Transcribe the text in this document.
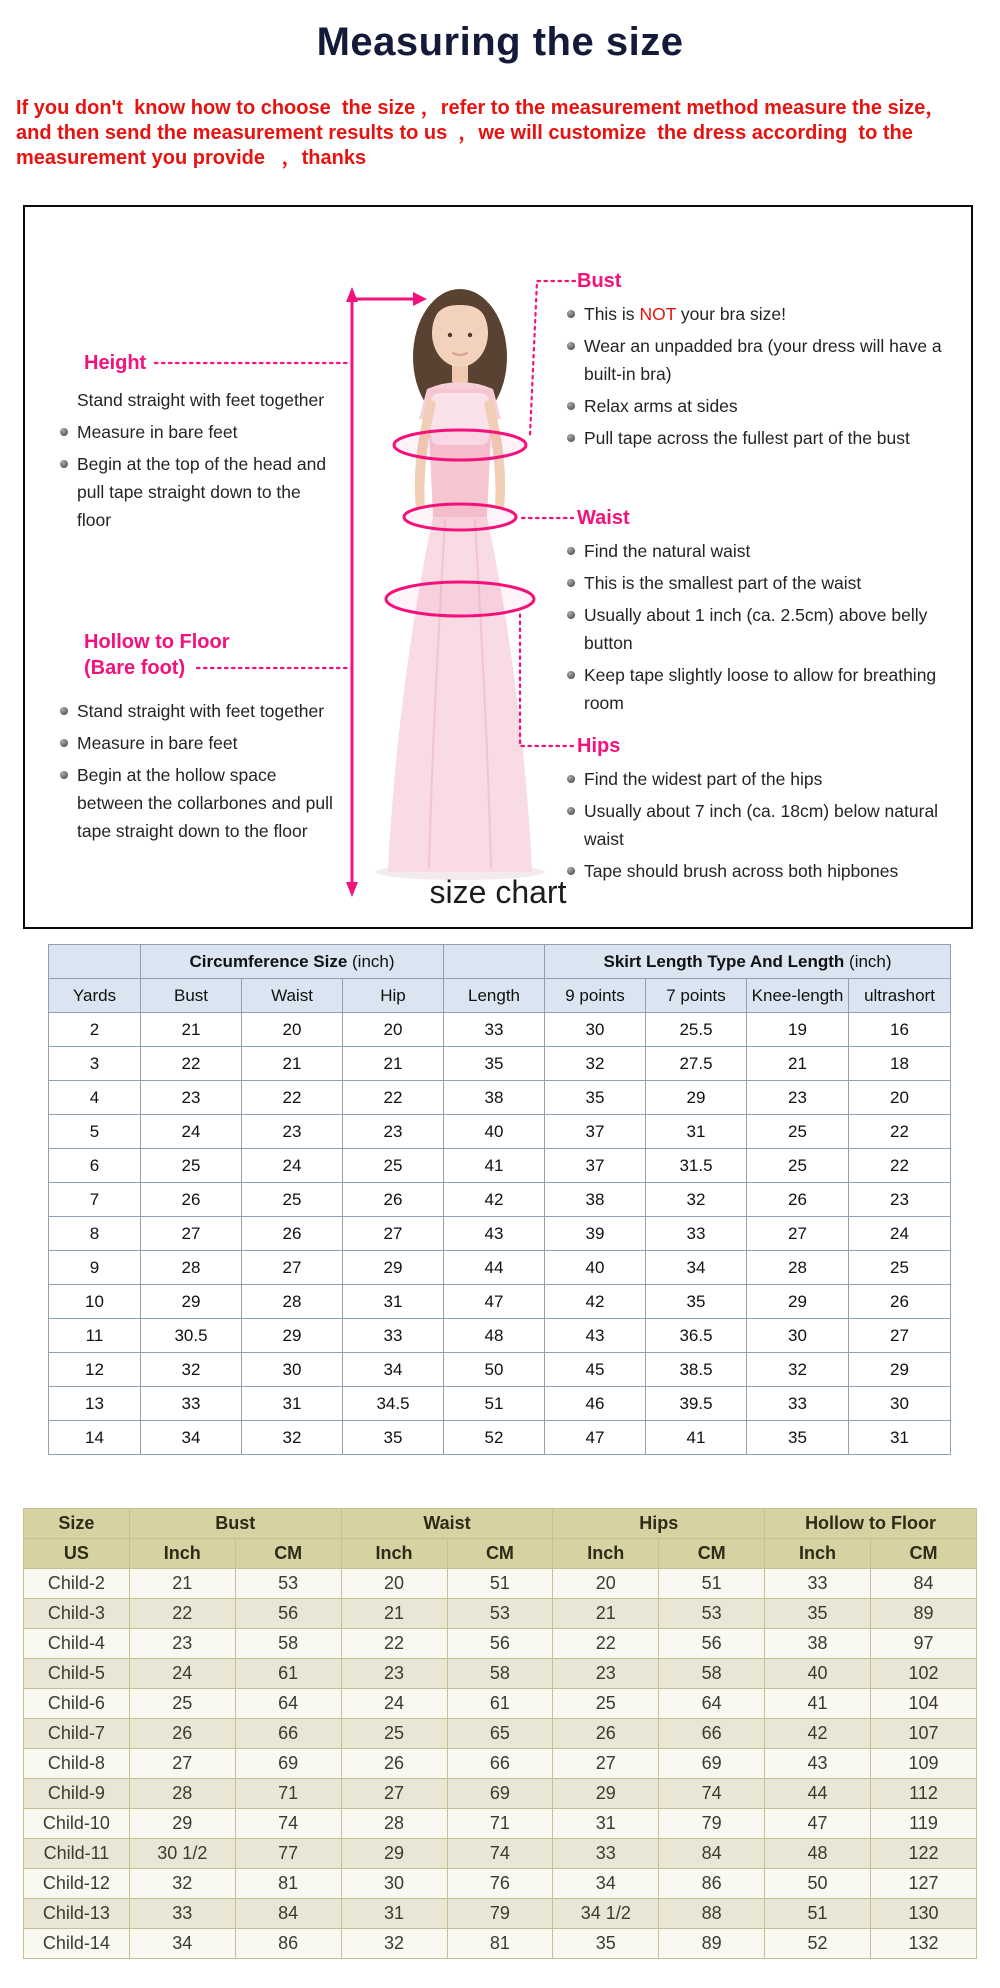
Measuring the size
If you don't  know how to choose  the size ，refer to the measurement method measure the size，
and then send the measurement results to us  ，we will customize  the dress according  to the
measurement you provide   ，thanks
Height
Stand straight with feet together
Measure in bare feet
Begin at the top of the head and pull tape straight down to the floor
Hollow to Floor
(Bare foot)
Stand straight with feet together
Measure in bare feet
Begin at the hollow space between the collarbones and pull tape straight down to the floor
Bust
This is NOT your bra size!
Wear an unpadded bra (your dress will have a built-in bra)
Relax arms at sides
Pull tape across the fullest part of the bust
Waist
Find the natural waist
This is the smallest part of the waist
Usually about 1 inch (ca. 2.5cm) above belly button
Keep tape slightly loose to allow for breathing room
Hips
Find the widest part of the hips
Usually about 7 inch (ca. 18cm) below natural waist
Tape should brush across both hipbones
size chart
	Circumference Size (inch)				Skirt Length Type And Length (inch)			
Yards	Bust	Waist	Hip	Length	9 points	7 points	Knee-length	ultrashort
2	21	20	20	33	30	25.5	19	16
3	22	21	21	35	32	27.5	21	18
4	23	22	22	38	35	29	23	20
5	24	23	23	40	37	31	25	22
6	25	24	25	41	37	31.5	25	22
7	26	25	26	42	38	32	26	23
8	27	26	27	43	39	33	27	24
9	28	27	29	44	40	34	28	25
10	29	28	31	47	42	35	29	26
11	30.5	29	33	48	43	36.5	30	27
12	32	30	34	50	45	38.5	32	29
13	33	31	34.5	51	46	39.5	33	30
14	34	32	35	52	47	41	35	31
Size	Bust		Waist		Hips		Hollow to Floor	
US	Inch	CM	Inch	CM	Inch	CM	Inch	CM
Child-2	21	53	20	51	20	51	33	84
Child-3	22	56	21	53	21	53	35	89
Child-4	23	58	22	56	22	56	38	97
Child-5	24	61	23	58	23	58	40	102
Child-6	25	64	24	61	25	64	41	104
Child-7	26	66	25	65	26	66	42	107
Child-8	27	69	26	66	27	69	43	109
Child-9	28	71	27	69	29	74	44	112
Child-10	29	74	28	71	31	79	47	119
Child-11	30 1/2	77	29	74	33	84	48	122
Child-12	32	81	30	76	34	86	50	127
Child-13	33	84	31	79	34 1/2	88	51	130
Child-14	34	86	32	81	35	89	52	132
